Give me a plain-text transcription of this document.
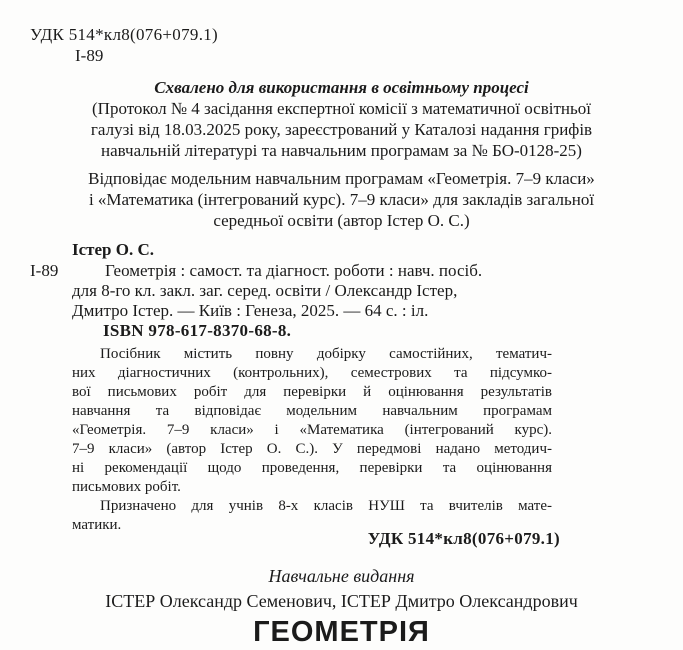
УДК 514*кл8(076+079.1)
І-89
Схвалено для використання в освітньому процесі
(Протокол № 4 засідання експертної комісії з математичної освітньої
галузі від 18.03.2025 року, зареєстрований у Каталозі надання грифів
навчальній літературі та навчальним програмам за № БО-0128-25)
Відповідає модельним навчальним програмам «Геометрія. 7–9 класи»
і «Математика (інтегрований курс). 7–9 класи» для закладів загальної
середньої освіти (автор Істер О. С.)
Істер О. С.
І-89	Геометрія : самост. та діагност. роботи : навч. посіб.
для 8-го кл. закл. заг. серед. освіти / Олександр Істер,
Дмитро Істер. — Київ : Генеза, 2025. — 64 с. : іл.
ISBN 978-617-8370-68-8.
Посібник містить повну добірку самостійних, тематич-
них діагностичних (контрольних), семестрових та підсумко-
вої письмових робіт для перевірки й оцінювання результатів
навчання та відповідає модельним навчальним програмам
«Геометрія. 7–9 класи» і «Математика (інтегрований курс).
7–9 класи» (автор Істер О. С.). У передмові надано методич-
ні рекомендації щодо проведення, перевірки та оцінювання
письмових робіт.
Призначено для учнів 8-х класів НУШ та вчителів мате-
матики.
УДК 514*кл8(076+079.1)
Навчальне видання
ІСТЕР Олександр Семенович, ІСТЕР Дмитро Олександрович
ГЕОМЕТРІЯ
